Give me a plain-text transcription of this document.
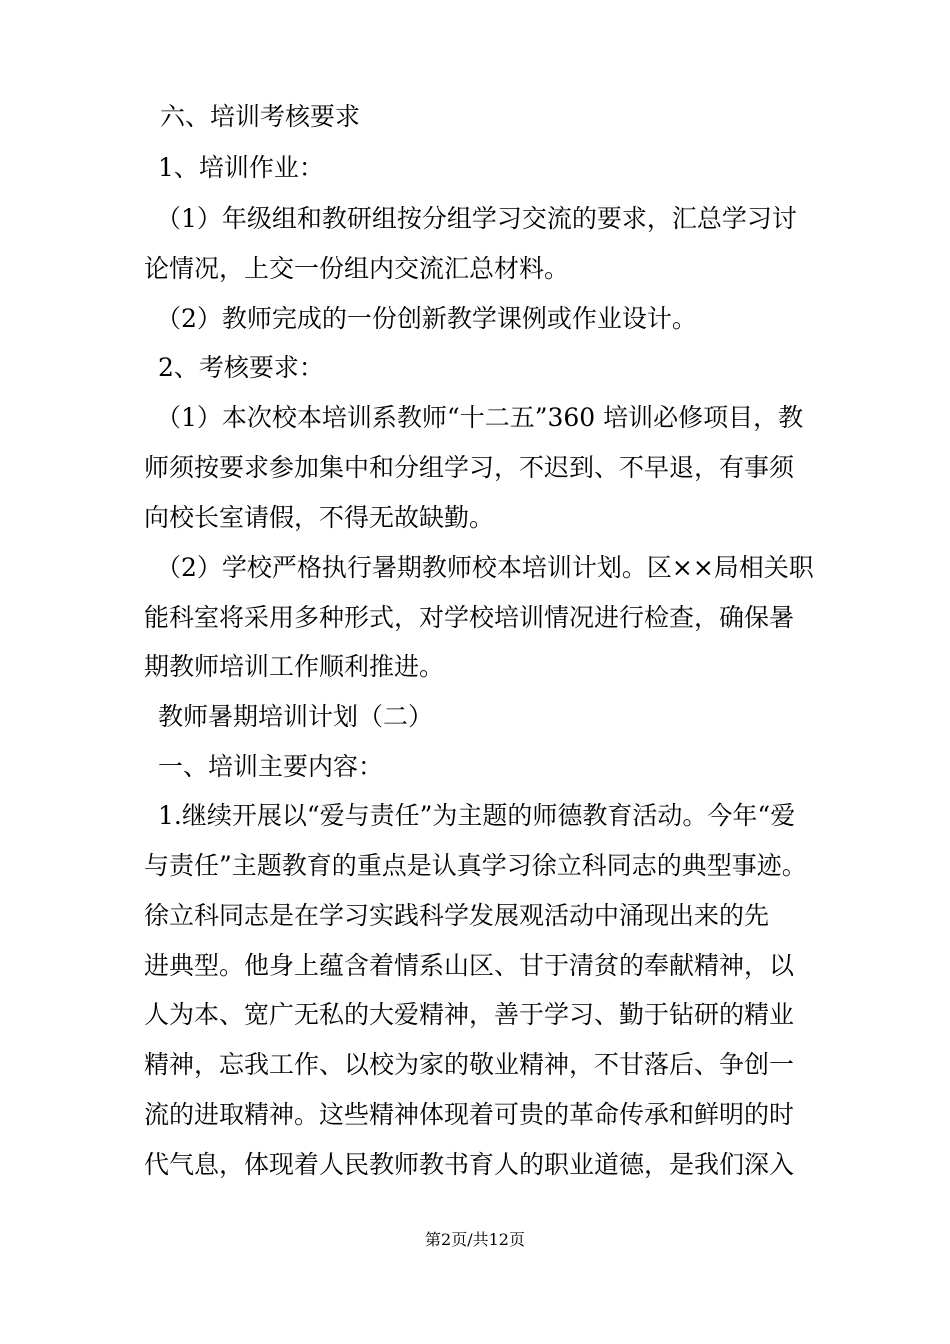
六、培训考核要求
1、培训作业：
（1）年级组和教研组按分组学习交流的要求，汇总学习讨
论情况，上交一份组内交流汇总材料。
（2）教师完成的一份创新教学课例或作业设计。
2、考核要求：
（1）本次校本培训系教师“十二五”360 培训必修项目，教
师须按要求参加集中和分组学习，不迟到、不早退，有事须
向校长室请假，不得无故缺勤。
（2）学校严格执行暑期教师校本培训计划。区××局相关职
能科室将采用多种形式，对学校培训情况进行检查，确保暑
期教师培训工作顺利推进。
教师暑期培训计划（二）
一、培训主要内容：
1.继续开展以“爱与责任”为主题的师德教育活动。今年“爱
与责任”主题教育的重点是认真学习徐立科同志的典型事迹。
徐立科同志是在学习实践科学发展观活动中涌现出来的先
进典型。他身上蕴含着情系山区、甘于清贫的奉献精神，以
人为本、宽广无私的大爱精神，善于学习、勤于钻研的精业
精神，忘我工作、以校为家的敬业精神，不甘落后、争创一
流的进取精神。这些精神体现着可贵的革命传承和鲜明的时
代气息，体现着人民教师教书育人的职业道德，是我们深入
第2页/共12页
